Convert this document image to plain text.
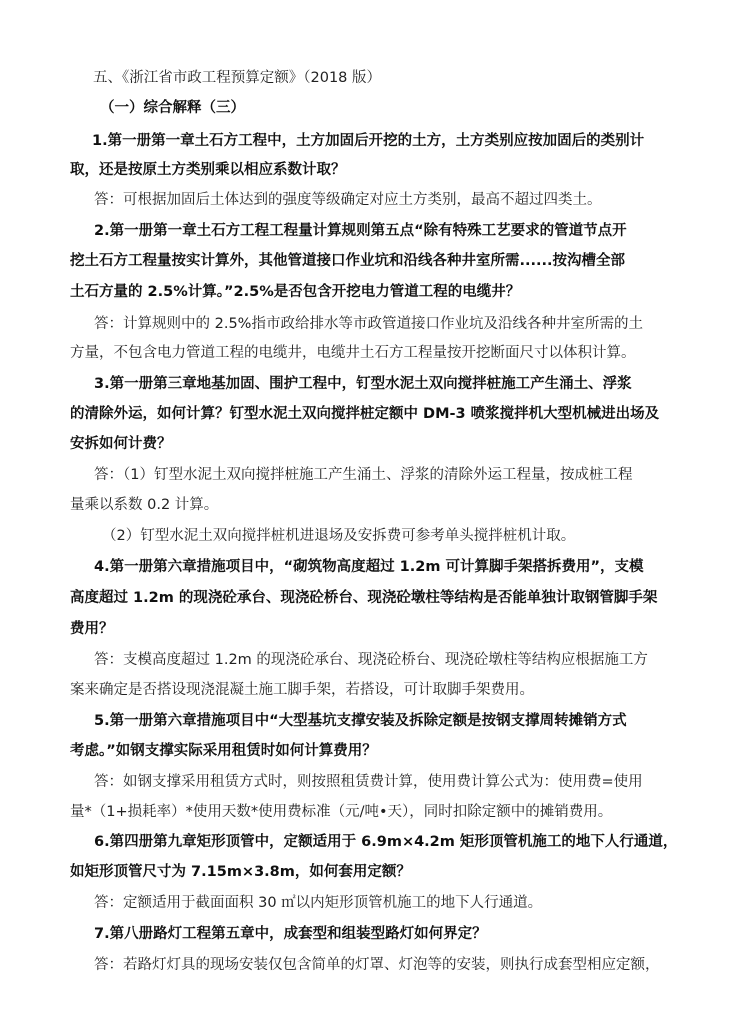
五、《浙江省市政工程预算定额》（2018 版）
（一）综合解释（三）
1.第一册第一章土石方工程中，土方加固后开挖的土方，土方类别应按加固后的类别计
取，还是按原土方类别乘以相应系数计取？
答：可根据加固后土体达到的强度等级确定对应土方类别，最高不超过四类土。
2.第一册第一章土石方工程工程量计算规则第五点“除有特殊工艺要求的管道节点开
挖土石方工程量按实计算外，其他管道接口作业坑和沿线各种井室所需......按沟槽全部
土石方量的 2.5%计算。”2.5%是否包含开挖电力管道工程的电缆井？
答：计算规则中的 2.5%指市政给排水等市政管道接口作业坑及沿线各种井室所需的土
方量，不包含电力管道工程的电缆井，电缆井土石方工程量按开挖断面尺寸以体积计算。
3.第一册第三章地基加固、围护工程中，钉型水泥土双向搅拌桩施工产生涌土、浮浆
的清除外运，如何计算？钉型水泥土双向搅拌桩定额中 DM-3 喷浆搅拌机大型机械进出场及
安拆如何计费？
答：（1）钉型水泥土双向搅拌桩施工产生涌土、浮浆的清除外运工程量，按成桩工程
量乘以系数 0.2 计算。
（2）钉型水泥土双向搅拌桩机进退场及安拆费可参考单头搅拌桩机计取。
4.第一册第六章措施项目中，“砌筑物高度超过 1.2m 可计算脚手架搭拆费用”，支模
高度超过 1.2m 的现浇砼承台、现浇砼桥台、现浇砼墩柱等结构是否能单独计取钢管脚手架
费用？
答：支模高度超过 1.2m 的现浇砼承台、现浇砼桥台、现浇砼墩柱等结构应根据施工方
案来确定是否搭设现浇混凝土施工脚手架，若搭设，可计取脚手架费用。
5.第一册第六章措施项目中“大型基坑支撑安装及拆除定额是按钢支撑周转摊销方式
考虑。”如钢支撑实际采用租赁时如何计算费用？
答：如钢支撑采用租赁方式时，则按照租赁费计算，使用费计算公式为：使用费=使用
量*（1+损耗率）*使用天数*使用费标准（元/吨•天），同时扣除定额中的摊销费用。
6.第四册第九章矩形顶管中，定额适用于 6.9m×4.2m 矩形顶管机施工的地下人行通道，
如矩形顶管尺寸为 7.15m×3.8m，如何套用定额？
答：定额适用于截面面积 30 ㎡以内矩形顶管机施工的地下人行通道。
7.第八册路灯工程第五章中，成套型和组装型路灯如何界定？
答：若路灯灯具的现场安装仅包含简单的灯罩、灯泡等的安装，则执行成套型相应定额，
